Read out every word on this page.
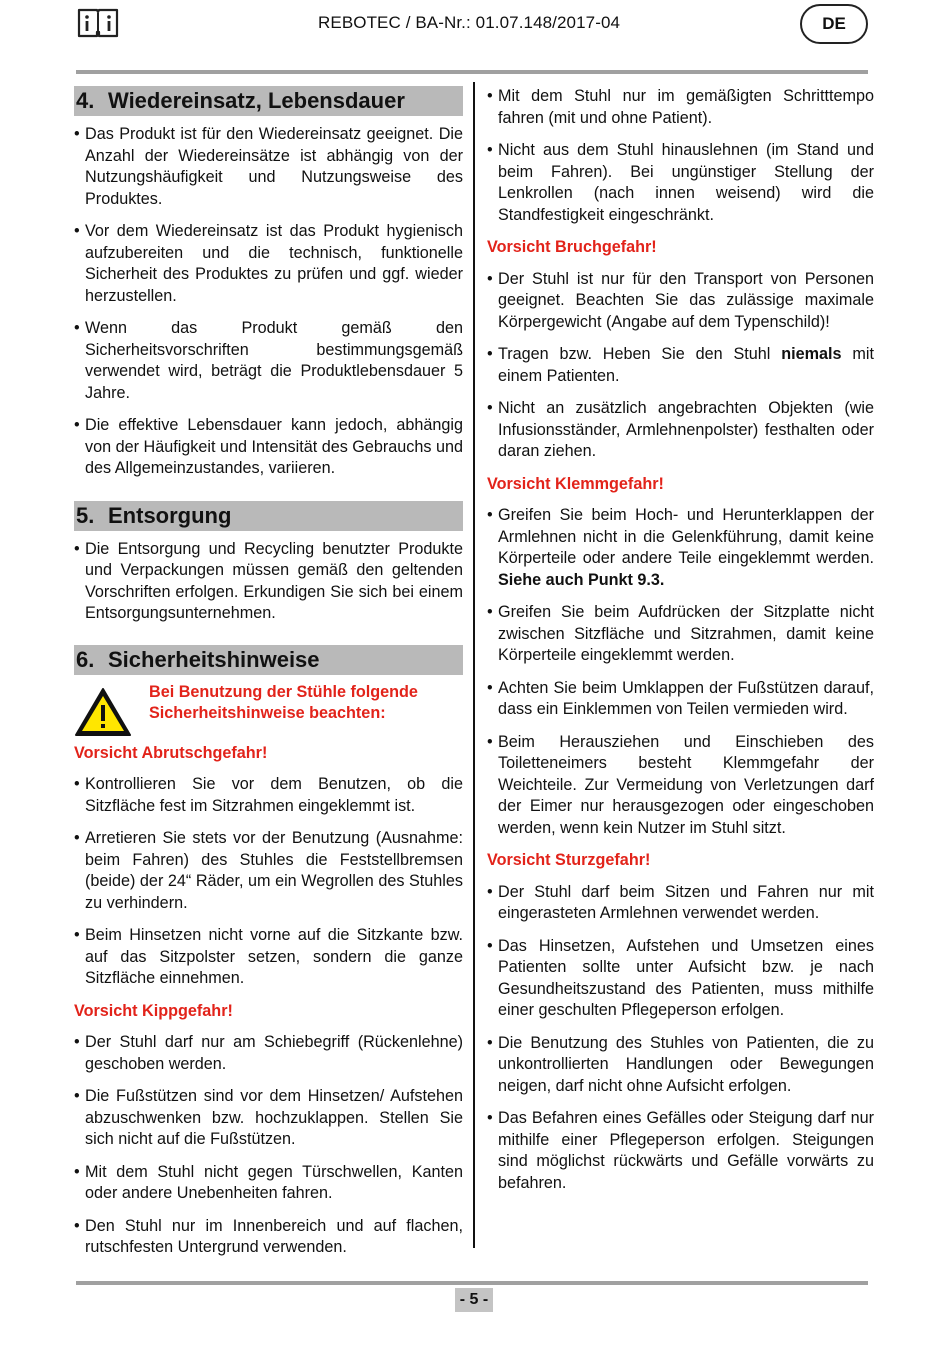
REBOTEC / BA-Nr.: 01.07.148/2017-04	DE
4. Wiedereinsatz, Lebensdauer
• Das Produkt ist für den Wiedereinsatz geeignet. Die Anzahl der Wiedereinsätze ist abhängig von der Nutzungshäufigkeit und Nutzungsweise des Produktes.
• Vor dem Wiedereinsatz ist das Produkt hygienisch aufzubereiten und die technisch, funktionelle Sicherheit des Produktes zu prüfen und ggf. wieder herzustellen.
• Wenn das Produkt gemäß den Sicherheitsvorschriften bestimmungsgemäß verwendet wird, beträgt die Produktlebensdauer 5 Jahre.
• Die effektive Lebensdauer kann jedoch, abhängig von der Häufigkeit und Intensität des Gebrauchs und des Allgemeinzustandes, variieren.
5. Entsorgung
• Die Entsorgung und Recycling benutzter Produkte und Verpackungen müssen gemäß den geltenden Vorschriften erfolgen. Erkundigen Sie sich bei einem Entsorgungsunternehmen.
6. Sicherheitshinweise
Bei Benutzung der Stühle folgende Sicherheitshinweise beachten:
Vorsicht Abrutschgefahr!
• Kontrollieren Sie vor dem Benutzen, ob die Sitzfläche fest im Sitzrahmen eingeklemmt ist.
• Arretieren Sie stets vor der Benutzung (Ausnahme: beim Fahren) des Stuhles die Feststellbremsen (beide) der 24“ Räder, um ein Wegrollen des Stuhles zu verhindern.
• Beim Hinsetzen nicht vorne auf die Sitzkante bzw. auf das Sitzpolster setzen, sondern die ganze Sitzfläche einnehmen.
Vorsicht Kippgefahr!
• Der Stuhl darf nur am Schiebegriff (Rückenlehne) geschoben werden.
• Die Fußstützen sind vor dem Hinsetzen/ Aufstehen abzuschwenken bzw. hochzuklappen. Stellen Sie sich nicht auf die Fußstützen.
• Mit dem Stuhl nicht gegen Türschwellen, Kanten oder andere Unebenheiten fahren.
• Den Stuhl nur im Innenbereich und auf flachen, rutschfesten Untergrund verwenden.
• Mit dem Stuhl nur im gemäßigten Schritttempo fahren (mit und ohne Patient).
• Nicht aus dem Stuhl hinauslehnen (im Stand und beim Fahren). Bei ungünstiger Stellung der Lenkrollen (nach innen weisend) wird die Standfestigkeit eingeschränkt.
Vorsicht Bruchgefahr!
• Der Stuhl ist nur für den Transport von Personen geeignet. Beachten Sie das zulässige maximale Körpergewicht (Angabe auf dem Typenschild)!
• Tragen bzw. Heben Sie den Stuhl niemals mit einem Patienten.
• Nicht an zusätzlich angebrachten Objekten (wie Infusionsständer, Armlehnenpolster) festhalten oder daran ziehen.
Vorsicht Klemmgefahr!
• Greifen Sie beim Hoch- und Herunterklappen der Armlehnen nicht in die Gelenkführung, damit keine Körperteile oder andere Teile eingeklemmt werden. Siehe auch Punkt 9.3.
• Greifen Sie beim Aufdrücken der Sitzplatte nicht zwischen Sitzfläche und Sitzrahmen, damit keine Körperteile eingeklemmt werden.
• Achten Sie beim Umklappen der Fußstützen darauf, dass ein Einklemmen von Teilen vermieden wird.
• Beim Herausziehen und Einschieben des Toiletteneimers besteht Klemmgefahr der Weichteile. Zur Vermeidung von Verletzungen darf der Eimer nur herausgezogen oder eingeschoben werden, wenn kein Nutzer im Stuhl sitzt.
Vorsicht Sturzgefahr!
• Der Stuhl darf beim Sitzen und Fahren nur mit eingerasteten Armlehnen verwendet werden.
• Das Hinsetzen, Aufstehen und Umsetzen eines Patienten sollte unter Aufsicht bzw. je nach Gesundheitszustand des Patienten, muss mithilfe einer geschulten Pflegeperson erfolgen.
• Die Benutzung des Stuhles von Patienten, die zu unkontrollierten Handlungen oder Bewegungen neigen, darf nicht ohne Aufsicht erfolgen.
• Das Befahren eines Gefälles oder Steigung darf nur mithilfe einer Pflegeperson erfolgen. Steigungen sind möglichst rückwärts und Gefälle vorwärts zu befahren.
- 5 -
